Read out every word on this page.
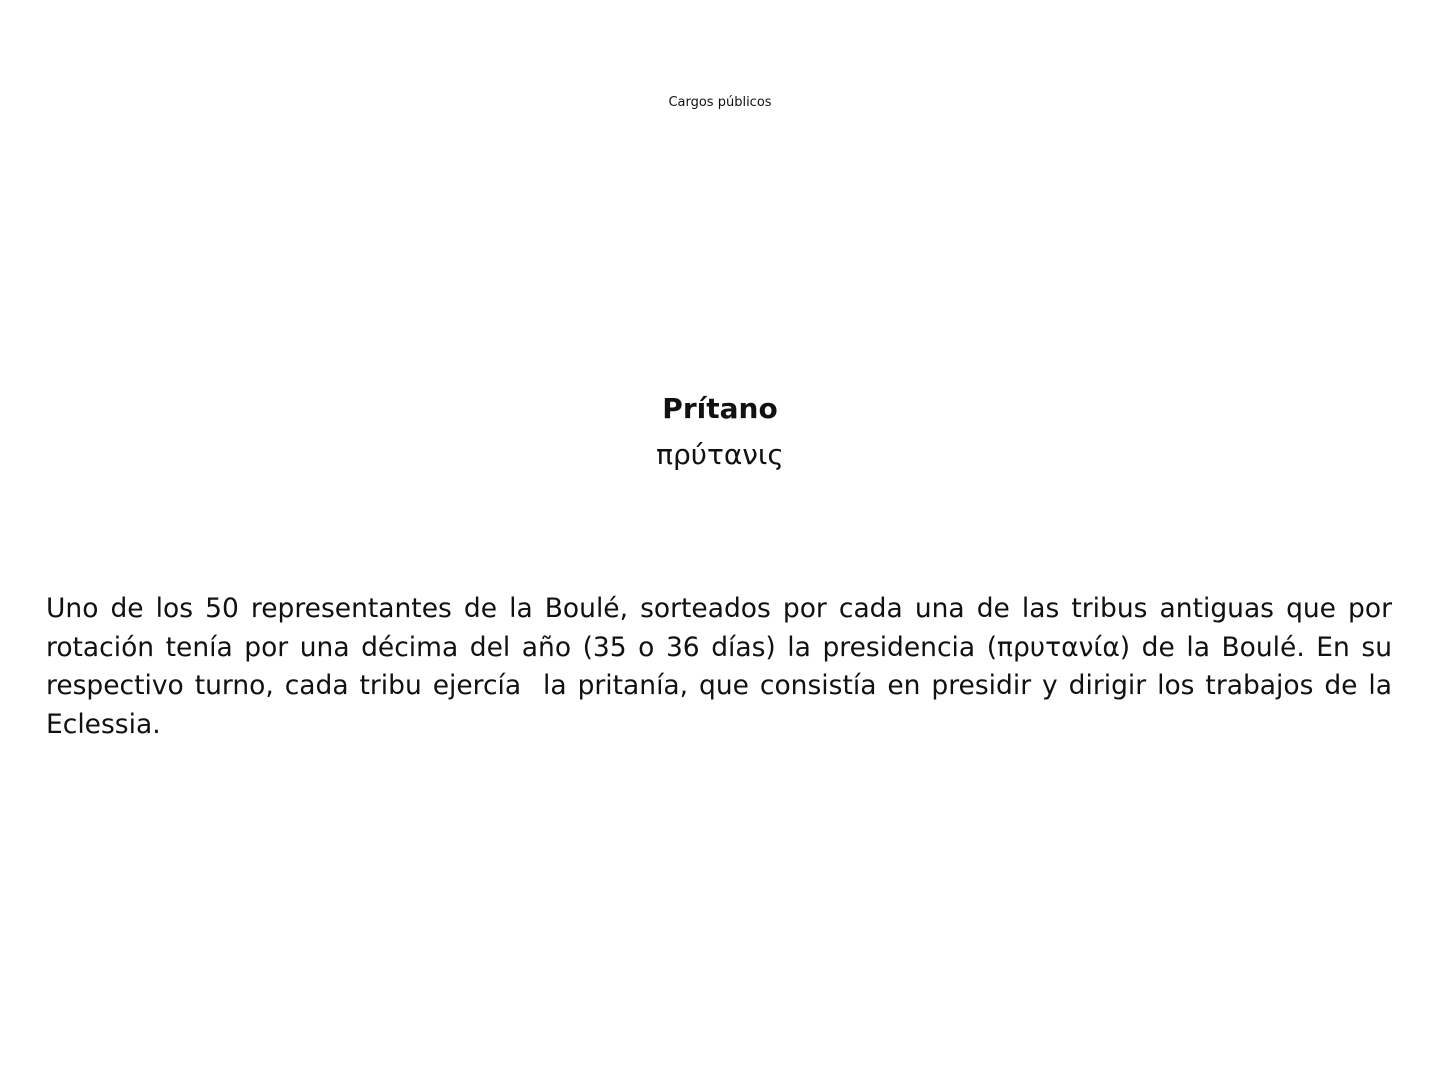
Cargos públicos
Prítano
πρύτανις
Uno de los 50 representantes de la Boulé, sorteados por cada una de las tribus antiguas que por rotación tenía por una décima del año (35 o 36 días) la presidencia (πρυτανία) de la Boulé. En su respectivo turno, cada tribu ejercía  la pritanía, que consistía en presidir y dirigir los trabajos de la Eclessia.
